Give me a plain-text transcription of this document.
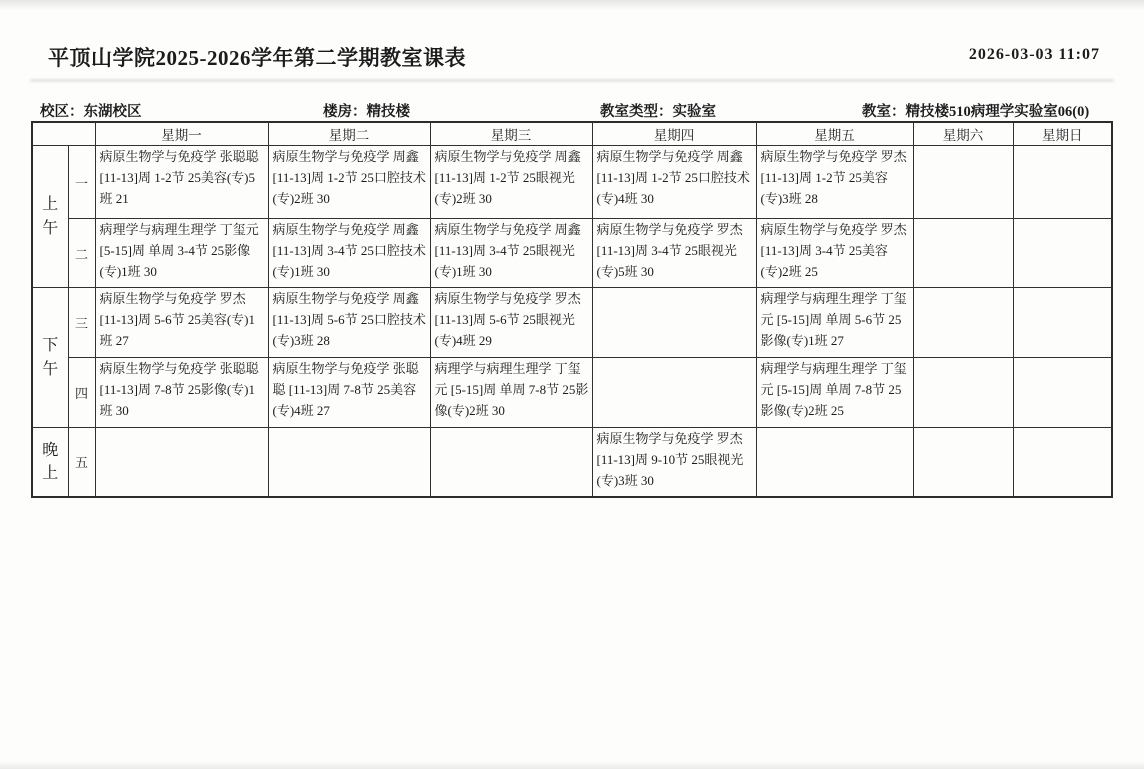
平顶山学院2025-2026学年第二学期教室课表	2026-03-03 11:07
校区：东湖校区	楼房：精技楼	教室类型：实验室	教室：精技楼510病理学实验室06(0)
		星期一	星期二	星期三	星期四	星期五	星期六	星期日
上午	一	病原生物学与免疫学 张聪聪 [11-13]周 1-2节 25美容(专)5班 21	病原生物学与免疫学 周鑫 [11-13]周 1-2节 25口腔技术(专)2班 30	病原生物学与免疫学 周鑫 [11-13]周 1-2节 25眼视光(专)2班 30	病原生物学与免疫学 周鑫 [11-13]周 1-2节 25口腔技术(专)4班 30	病原生物学与免疫学 罗杰 [11-13]周 1-2节 25美容(专)3班 28		
	二	病理学与病理生理学 丁玺元 [5-15]周 单周 3-4节 25影像(专)1班 30	病原生物学与免疫学 周鑫 [11-13]周 3-4节 25口腔技术(专)1班 30	病原生物学与免疫学 周鑫 [11-13]周 3-4节 25眼视光(专)1班 30	病原生物学与免疫学 罗杰 [11-13]周 3-4节 25眼视光(专)5班 30	病原生物学与免疫学 罗杰 [11-13]周 3-4节 25美容(专)2班 25		
下午	三	病原生物学与免疫学 罗杰 [11-13]周 5-6节 25美容(专)1班 27	病原生物学与免疫学 周鑫 [11-13]周 5-6节 25口腔技术(专)3班 28	病原生物学与免疫学 罗杰 [11-13]周 5-6节 25眼视光(专)4班 29		病理学与病理生理学 丁玺元 [5-15]周 单周 5-6节 25影像(专)1班 27		
	四	病原生物学与免疫学 张聪聪 [11-13]周 7-8节 25影像(专)1班 30	病原生物学与免疫学 张聪聪 [11-13]周 7-8节 25美容(专)4班 27	病理学与病理生理学 丁玺元 [5-15]周 单周 7-8节 25影像(专)2班 30		病理学与病理生理学 丁玺元 [5-15]周 单周 7-8节 25影像(专)2班 25		
晚上	五				病原生物学与免疫学 罗杰 [11-13]周 9-10节 25眼视光(专)3班 30			
